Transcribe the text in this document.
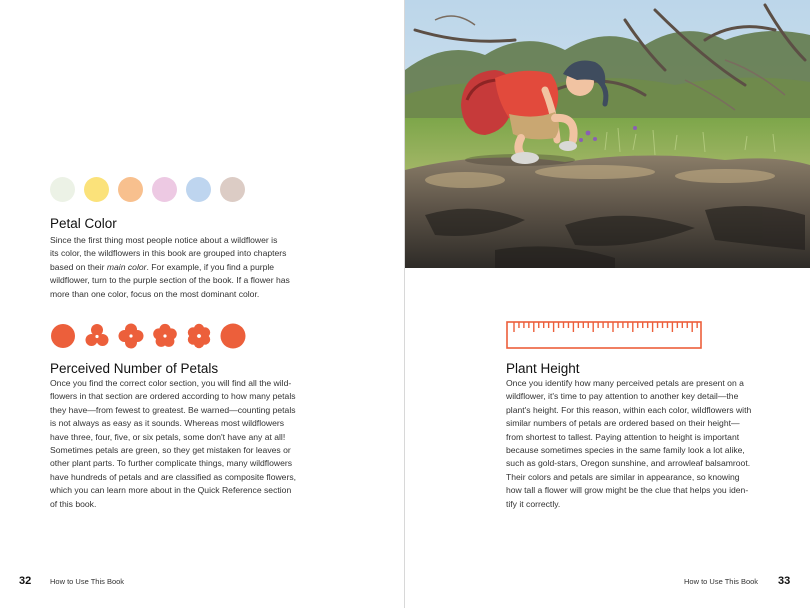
Petal Color

Since the first thing most people notice about a wildflower is
its color, the wildflowers in this book are grouped into chapters
based on their main color. For example, if you find a purple
wildflower, turn to the purple section of the book. If a flower has
more than one color, focus on the most dominant color.

Perceived Number of Petals

Once you find the correct color section, you will find all the wild-
flowers in that section are ordered according to how many petals
they have—from fewest to greatest. Be warned—counting petals
is not always as easy as it sounds. Whereas most wildflowers
have three, four, five, or six petals, some don't have any at all!
Sometimes petals are green, so they get mistaken for leaves or
other plant parts. To further complicate things, many wildflowers
have hundreds of petals and are classified as composite flowers,
which you can learn more about in the Quick Reference section
of this book.

32	How to Use This Book
Plant Height

Once you identify how many perceived petals are present on a
wildflower, it's time to pay attention to another key detail—the
plant's height. For this reason, within each color, wildflowers with
similar numbers of petals are ordered based on their height—
from shortest to tallest. Paying attention to height is important
because sometimes species in the same family look a lot alike,
such as gold-stars, Oregon sunshine, and arrowleaf balsamroot.
Their colors and petals are similar in appearance, so knowing
how tall a flower will grow might be the clue that helps you iden-
tify it correctly.

How to Use This Book 33
